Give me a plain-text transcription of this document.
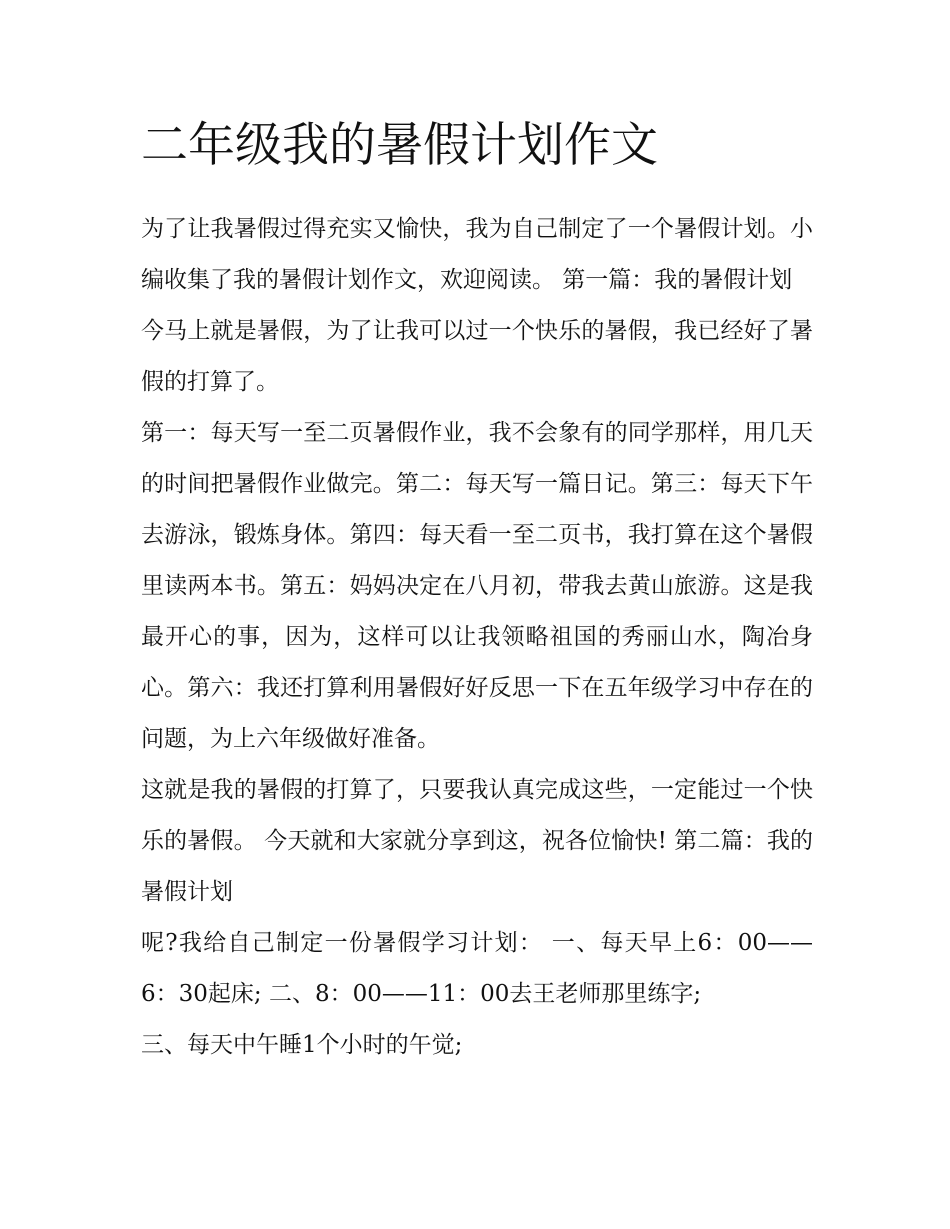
二年级我的暑假计划作文

为了让我暑假过得充实又愉快，我为自己制定了一个暑假计划。小编收集了我的暑假计划作文，欢迎阅读。 第一篇：我的暑假计划

今马上就是暑假，为了让我可以过一个快乐的暑假，我已经好了暑假的打算了。

第一：每天写一至二页暑假作业，我不会象有的同学那样，用几天的时间把暑假作业做完。第二：每天写一篇日记。第三：每天下午去游泳，锻炼身体。第四：每天看一至二页书，我打算在这个暑假里读两本书。第五：妈妈决定在八月初，带我去黄山旅游。这是我最开心的事，因为，这样可以让我领略祖国的秀丽山水，陶冶身心。第六：我还打算利用暑假好好反思一下在五年级学习中存在的问题，为上六年级做好准备。

这就是我的暑假的打算了，只要我认真完成这些，一定能过一个快乐的暑假。 今天就和大家就分享到这，祝各位愉快! 第二篇：我的暑假计划

呢?我给自己制定一份暑假学习计划： 一、每天早上6：00——6：30起床; 二、8：00——11：00去王老师那里练字;

三、每天中午睡1个小时的午觉;
